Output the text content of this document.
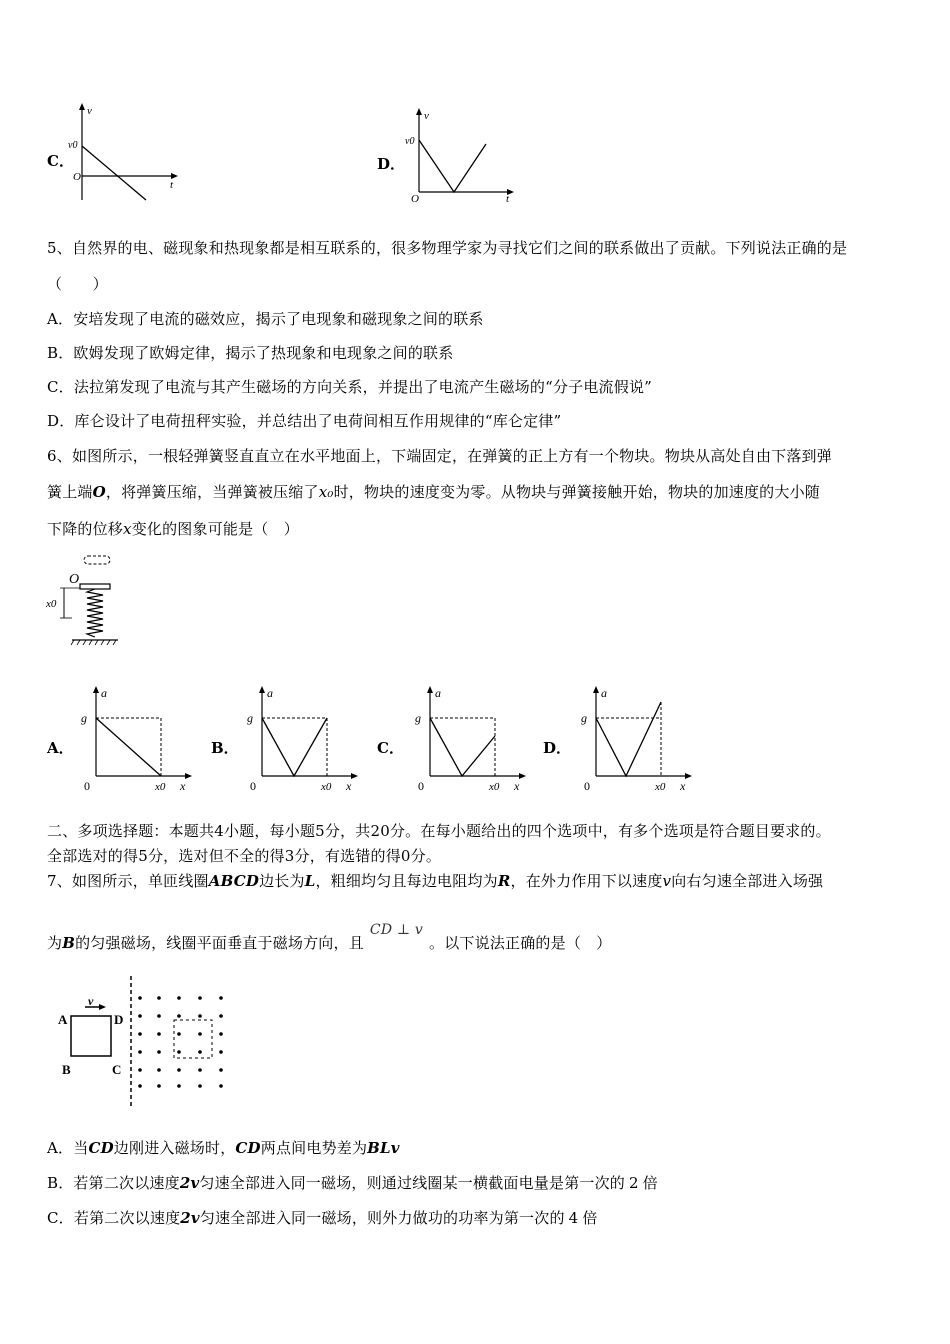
C．
v
t
O
v0
D．
v
t
O
v0
5、自然界的电、磁现象和热现象都是相互联系的，很多物理学家为寻找它们之间的联系做出了贡献。下列说法正确的是
（　　）
A．安培发现了电流的磁效应，揭示了电现象和磁现象之间的联系
B．欧姆发现了欧姆定律，揭示了热现象和电现象之间的联系
C．法拉第发现了电流与其产生磁场的方向关系，并提出了电流产生磁场的“分子电流假说”
D．库仑设计了电荷扭秤实验，并总结出了电荷间相互作用规律的“库仑定律”
6、如图所示，一根轻弹簧竖直直立在水平地面上，下端固定，在弹簧的正上方有一个物块。物块从高处自由下落到弹
簧上端O，将弹簧压缩，当弹簧被压缩了x₀时，物块的速度变为零。从物块与弹簧接触开始，物块的加速度的大小随
下降的位移x变化的图象可能是（　）
O
x0
A．
a
g
0	x0 x
B．
a
g
0	x0 x
C．
a
g
0	x0 x
D．
a
g
0	x0 x
二、多项选择题：本题共4小题，每小题5分，共20分。在每小题给出的四个选项中，有多个选项是符合题目要求的。
全部选对的得5分，选对但不全的得3分，有选错的得0分。
7、如图所示，单匝线圈ABCD边长为L，粗细均匀且每边电阻均为R，在外力作用下以速度v向右匀速全部进入场强
为B的匀强磁场，线圈平面垂直于磁场方向，且CD ⊥ v。以下说法正确的是（　）
v
A	D
B	C
A．当CD边刚进入磁场时，CD两点间电势差为BLv
B．若第二次以速度2v匀速全部进入同一磁场，则通过线圈某一横截面电量是第一次的 2 倍
C．若第二次以速度2v匀速全部进入同一磁场，则外力做功的功率为第一次的 4 倍
